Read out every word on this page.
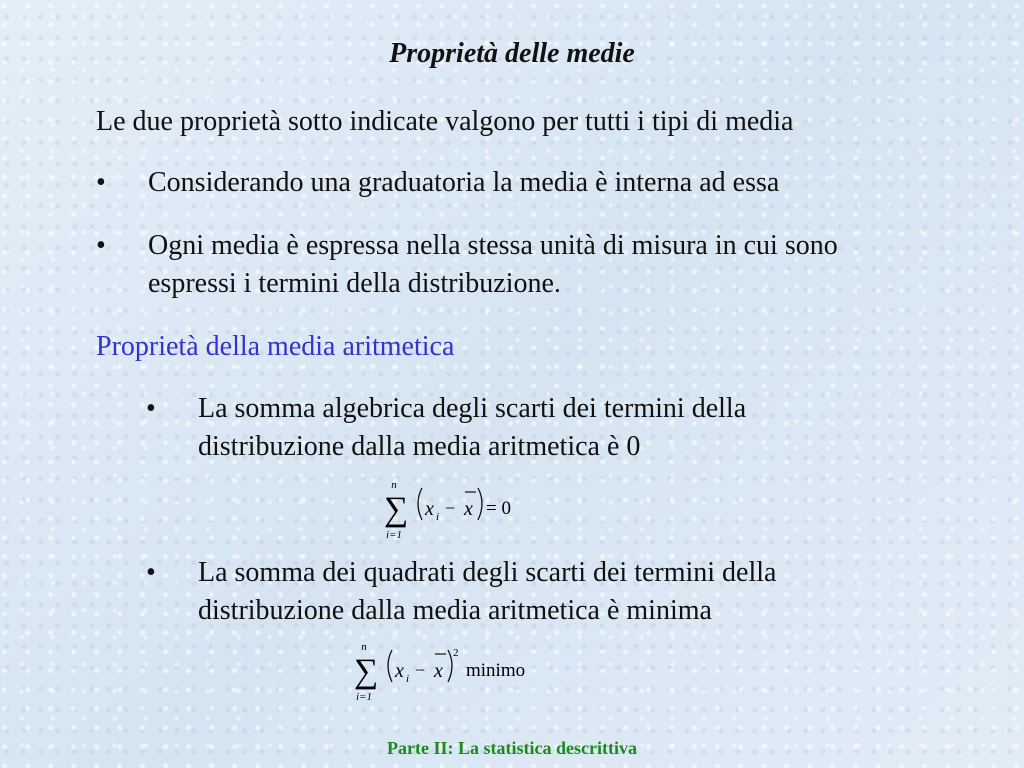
Proprietà delle medie
Le due proprietà sotto indicate valgono per tutti i tipi di media
•	Considerando una graduatoria la media è interna ad essa
•	Ogni media è espressa nella stessa unità di misura in cui sono espressi i termini della distribuzione.
Proprietà della media aritmetica
•	La somma algebrica degli scarti dei termini della distribuzione dalla media aritmetica è 0
n
∑
i=1
x i − x = 0
•	La somma dei quadrati degli scarti dei termini della distribuzione dalla media aritmetica è minima
n
∑
i=1
x i − x
2
minimo
Parte II: La statistica descrittiva
